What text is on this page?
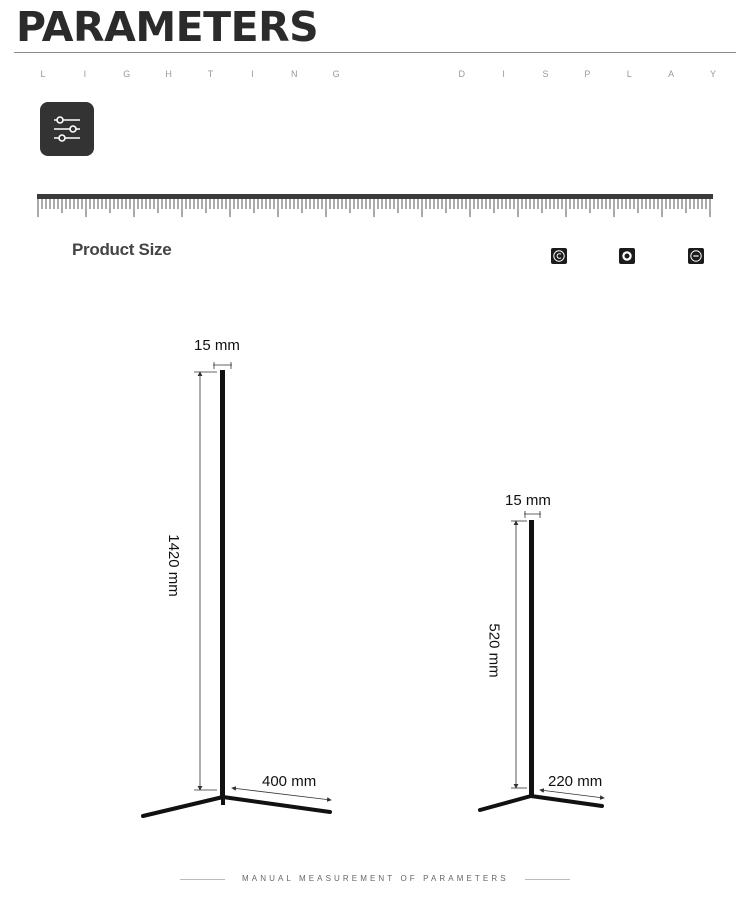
PARAMETERS
L	I	G	H	T	I	N	G	D	I	S	P	L	A	Y
Product Size
15 mm
1420 mm
400 mm
15 mm
520 mm
220 mm
MANUAL MEASUREMENT OF PARAMETERS
